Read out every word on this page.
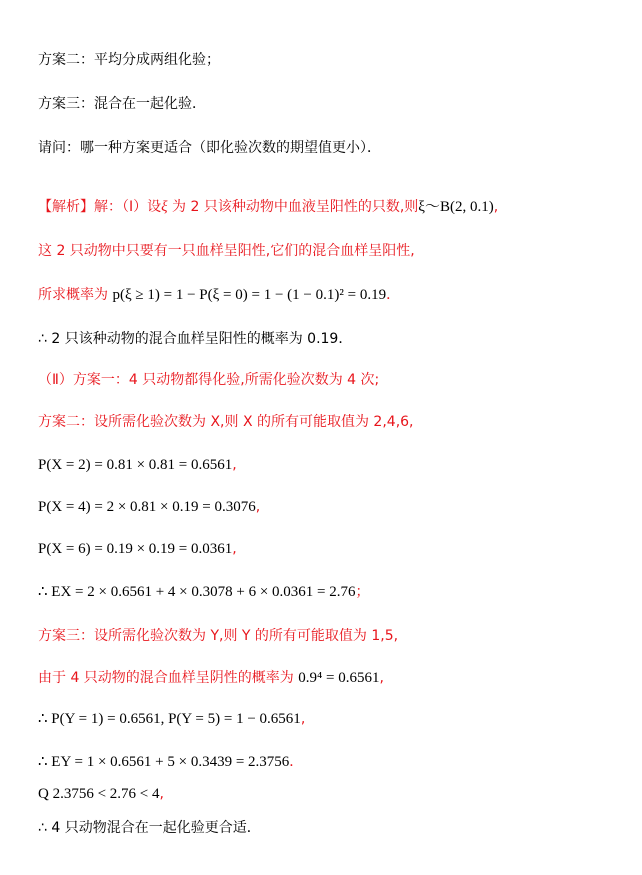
方案二：平均分成两组化验；
方案三：混合在一起化验．
请问：哪一种方案更适合（即化验次数的期望值更小）．
【解析】解：（Ⅰ）设ξ 为 2 只该种动物中血液呈阳性的只数,则ξ～B(2, 0.1),
这 2 只动物中只要有一只血样呈阳性,它们的混合血样呈阳性,
所求概率为 p(ξ ≥ 1) = 1 − P(ξ = 0) = 1 − (1 − 0.1)² = 0.19．
∴ 2 只该种动物的混合血样呈阳性的概率为 0.19．
（Ⅱ）方案一：4 只动物都得化验,所需化验次数为 4 次;
方案二：设所需化验次数为 X,则 X 的所有可能取值为 2,4,6,
P(X = 2) = 0.81 × 0.81 = 0.6561,
P(X = 4) = 2 × 0.81 × 0.19 = 0.3076,
P(X = 6) = 0.19 × 0.19 = 0.0361,
∴ EX = 2 × 0.6561 + 4 × 0.3078 + 6 × 0.0361 = 2.76；
方案三：设所需化验次数为 Y,则 Y 的所有可能取值为 1,5,
由于 4 只动物的混合血样呈阴性的概率为 0.9⁴ = 0.6561,
∴ P(Y = 1) = 0.6561, P(Y = 5) = 1 − 0.6561,
∴ EY = 1 × 0.6561 + 5 × 0.3439 = 2.3756．
Q 2.3756 < 2.76 < 4,
∴ 4 只动物混合在一起化验更合适．
